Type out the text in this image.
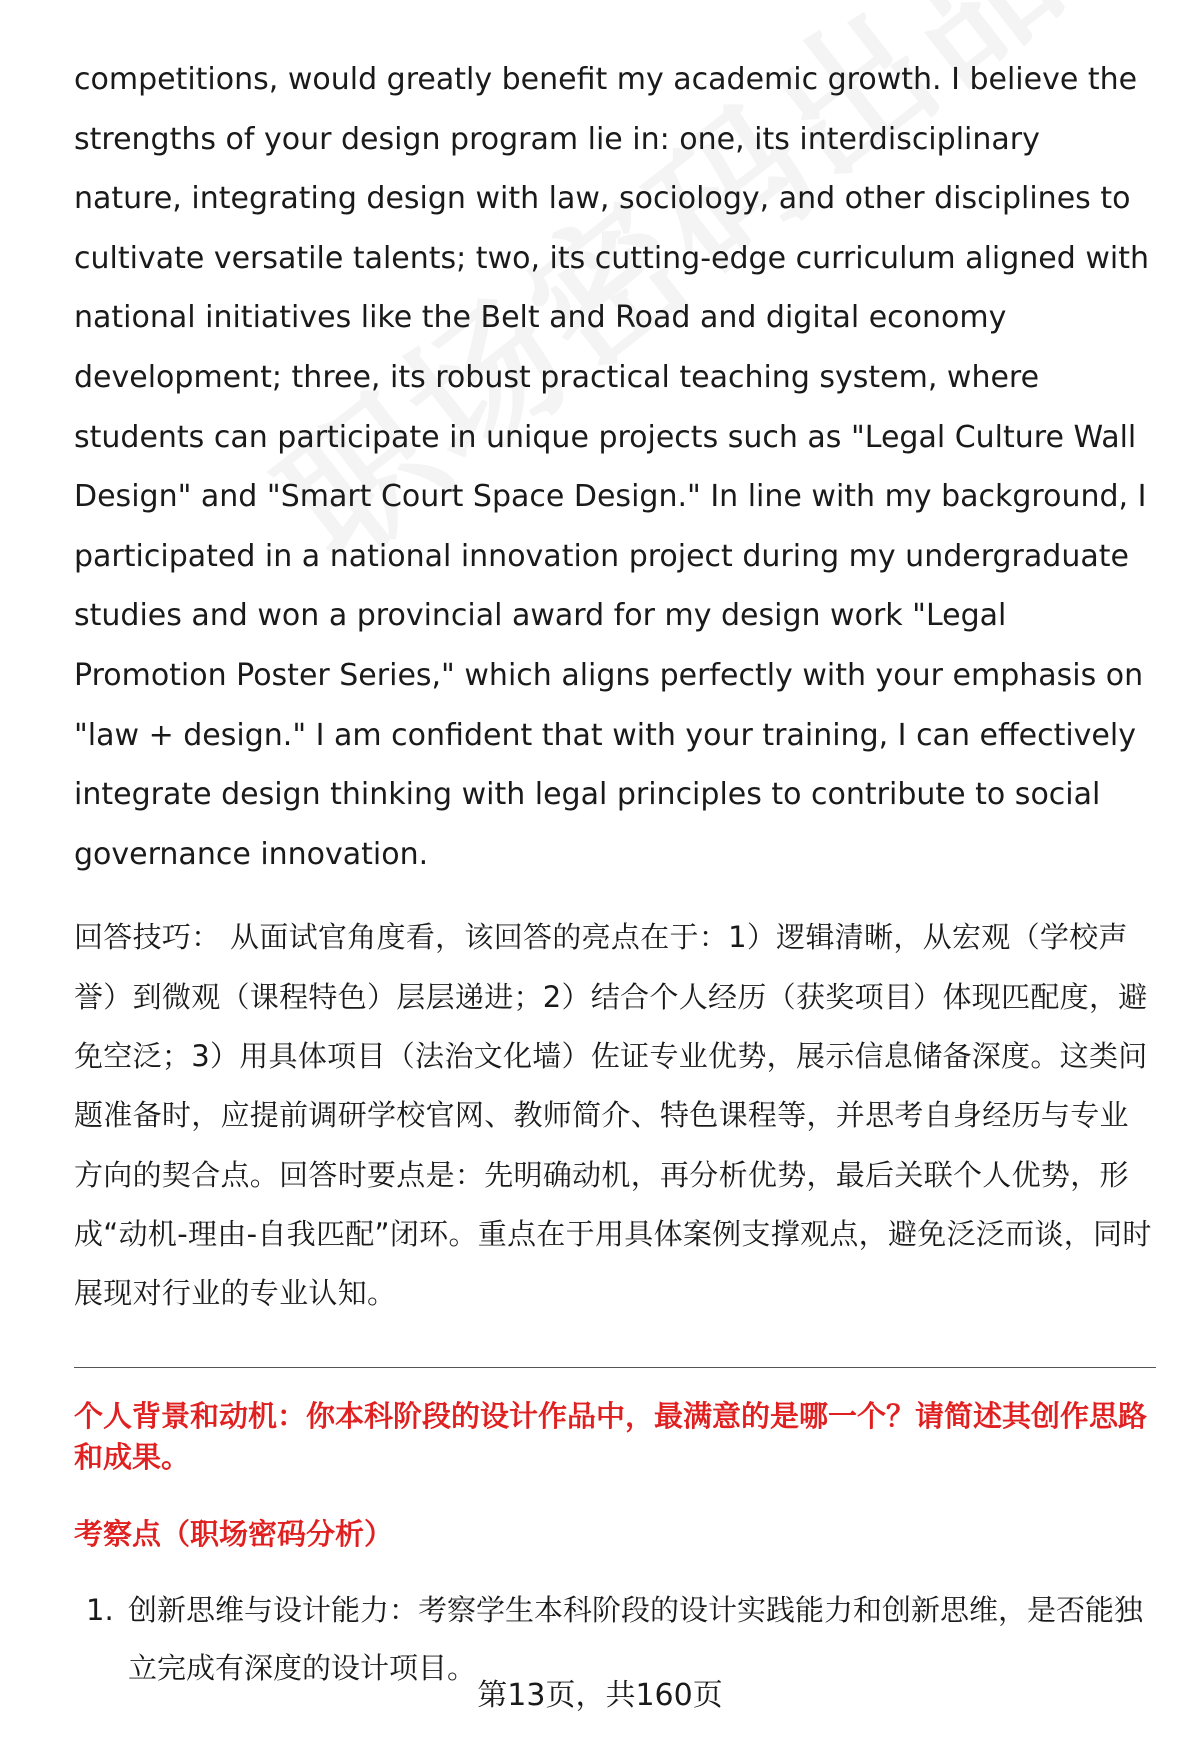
competitions, would greatly benefit my academic growth. I believe the strengths of your design program lie in: one, its interdisciplinary nature, integrating design with law, sociology, and other disciplines to cultivate versatile talents; two, its cutting-edge curriculum aligned with national initiatives like the Belt and Road and digital economy development; three, its robust practical teaching system, where students can participate in unique projects such as "Legal Culture Wall Design" and "Smart Court Space Design." In line with my background, I participated in a national innovation project during my undergraduate studies and won a provincial award for my design work "Legal Promotion Poster Series," which aligns perfectly with your emphasis on "law + design." I am confident that with your training, I can effectively integrate design thinking with legal principles to contribute to social governance innovation.

回答技巧： 从面试官角度看，该回答的亮点在于：1）逻辑清晰，从宏观（学校声誉）到微观（课程特色）层层递进；2）结合个人经历（获奖项目）体现匹配度，避免空泛；3）用具体项目（法治文化墙）佐证专业优势，展示信息储备深度。这类问题准备时，应提前调研学校官网、教师简介、特色课程等，并思考自身经历与专业方向的契合点。回答时要点是：先明确动机，再分析优势，最后关联个人优势，形成“动机-理由-自我匹配”闭环。重点在于用具体案例支撑观点，避免泛泛而谈，同时展现对行业的专业认知。

个人背景和动机：你本科阶段的设计作品中，最满意的是哪一个？请简述其创作思路和成果。
考察点（职场密码分析）
1. 创新思维与设计能力：考察学生本科阶段的设计实践能力和创新思维，是否能独立完成有深度的设计项目。
第13页，共160页
